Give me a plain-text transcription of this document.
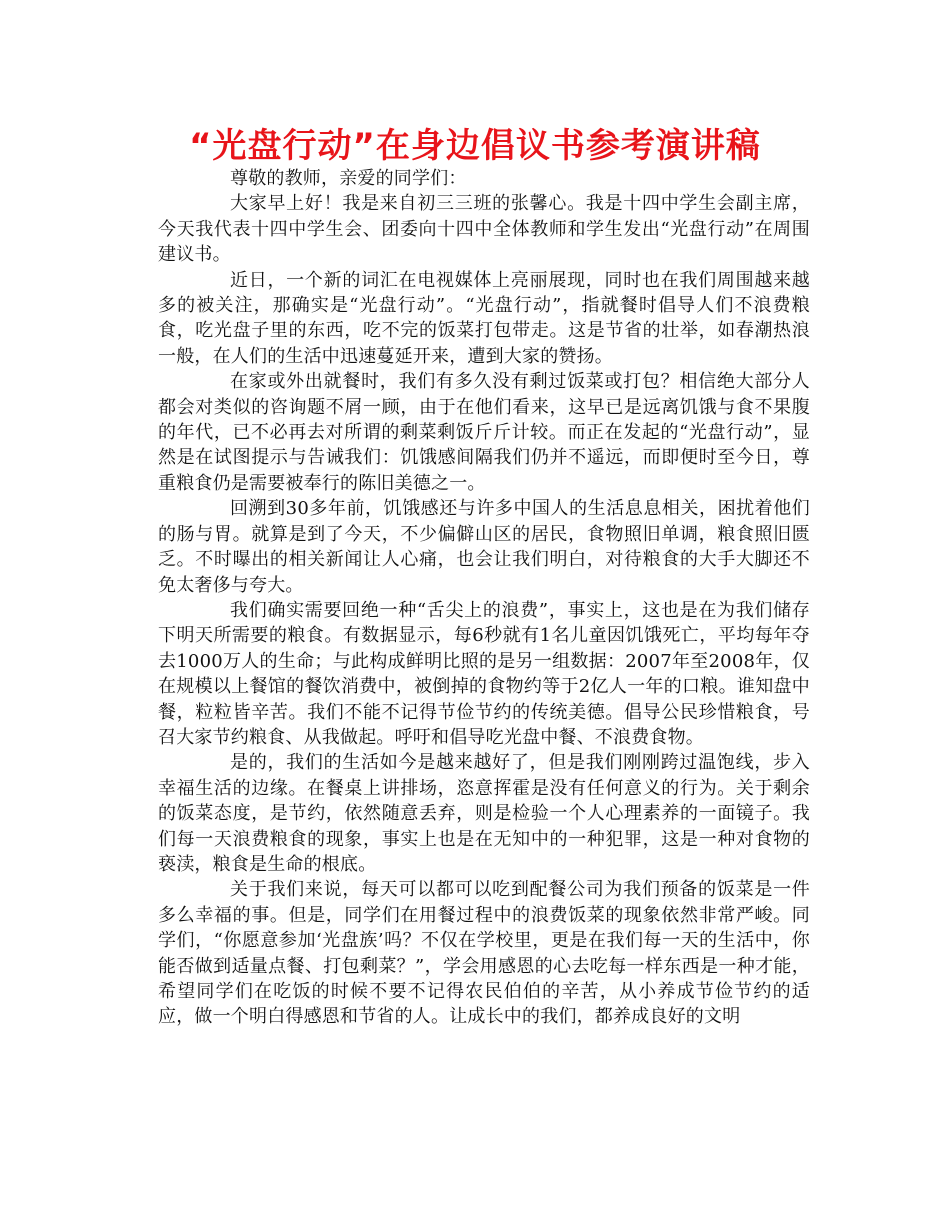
“光盘行动”在身边倡议书参考演讲稿

尊敬的教师，亲爱的同学们：

大家早上好！我是来自初三三班的张馨心。我是十四中学生会副主席，今天我代表十四中学生会、团委向十四中全体教师和学生发出“光盘行动”在周围建议书。

近日，一个新的词汇在电视媒体上亮丽展现，同时也在我们周围越来越多的被关注，那确实是“光盘行动”。“光盘行动”，指就餐时倡导人们不浪费粮食，吃光盘子里的东西，吃不完的饭菜打包带走。这是节省的壮举，如春潮热浪一般，在人们的生活中迅速蔓延开来，遭到大家的赞扬。

在家或外出就餐时，我们有多久没有剩过饭菜或打包？相信绝大部分人都会对类似的咨询题不屑一顾，由于在他们看来，这早已是远离饥饿与食不果腹的年代，已不必再去对所谓的剩菜剩饭斤斤计较。而正在发起的“光盘行动”，显然是在试图提示与告诫我们：饥饿感间隔我们仍并不遥远，而即便时至今日，尊重粮食仍是需要被奉行的陈旧美德之一。

回溯到30多年前，饥饿感还与许多中国人的生活息息相关，困扰着他们的肠与胃。就算是到了今天，不少偏僻山区的居民，食物照旧单调，粮食照旧匮乏。不时曝出的相关新闻让人心痛，也会让我们明白，对待粮食的大手大脚还不免太奢侈与夸大。

我们确实需要回绝一种“舌尖上的浪费”，事实上，这也是在为我们储存下明天所需要的粮食。有数据显示，每6秒就有1名儿童因饥饿死亡，平均每年夺去1000万人的生命；与此构成鲜明比照的是另一组数据：2007年至2008年，仅在规模以上餐馆的餐饮消费中，被倒掉的食物约等于2亿人一年的口粮。谁知盘中餐，粒粒皆辛苦。我们不能不记得节俭节约的传统美德。倡导公民珍惜粮食，号召大家节约粮食、从我做起。呼吁和倡导吃光盘中餐、不浪费食物。

是的，我们的生活如今是越来越好了，但是我们刚刚跨过温饱线，步入幸福生活的边缘。在餐桌上讲排场，恣意挥霍是没有任何意义的行为。关于剩余的饭菜态度，是节约，依然随意丢弃，则是检验一个人心理素养的一面镜子。我们每一天浪费粮食的现象，事实上也是在无知中的一种犯罪，这是一种对食物的亵渎，粮食是生命的根底。

关于我们来说，每天可以都可以吃到配餐公司为我们预备的饭菜是一件多么幸福的事。但是，同学们在用餐过程中的浪费饭菜的现象依然非常严峻。同学们，“你愿意参加‘光盘族’吗？不仅在学校里，更是在我们每一天的生活中，你能否做到适量点餐、打包剩菜？”，学会用感恩的心去吃每一样东西是一种才能，希望同学们在吃饭的时候不要不记得农民伯伯的辛苦，从小养成节俭节约的适应，做一个明白得感恩和节省的人。让成长中的我们，都养成良好的文明
